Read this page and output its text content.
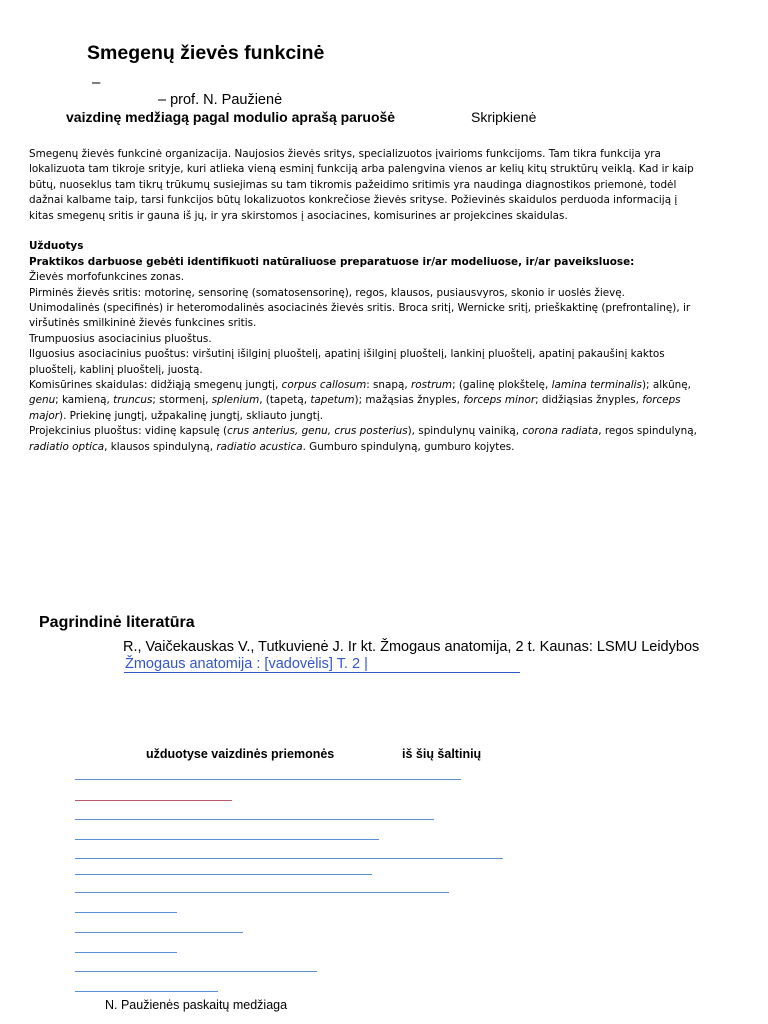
Smegenų žievės funkcinė
–
– prof. N. Paužienė
vaizdinę medžiagą pagal modulio aprašą paruošė	Skripkienė
Smegenų žievės funkcinė organizacija. Naujosios žievės sritys, specializuotos įvairioms funkcijoms. Tam tikra funkcija yra
lokalizuota tam tikroje srityje, kuri atlieka vieną esminį funkciją arba palengvina vienos ar kelių kitų struktūrų veiklą. Kad ir kaip
būtų, nuoseklus tam tikrų trūkumų susiejimas su tam tikromis pažeidimo sritimis yra naudinga diagnostikos priemonė, todėl
dažnai kalbame taip, tarsi funkcijos būtų lokalizuotos konkrečiose žievės srityse. Požievinės skaidulos perduoda informaciją į
kitas smegenų sritis ir gauna iš jų, ir yra skirstomos į asociacines, komisurines ar projekcines skaidulas.
Užduotys
Praktikos darbuose gebėti identifikuoti natūraliuose preparatuose ir/ar modeliuose, ir/ar paveiksluose:
Žievės morfofunkcines zonas.
Pirminės žievės sritis: motorinę, sensorinę (somatosensorinę), regos, klausos, pusiausvyros, skonio ir uoslės žievę.
Unimodalinės (specifinės) ir heteromodalinės asociacinės žievės sritis. Broca sritį, Wernicke sritį, prieškaktinę (prefrontalinę), ir
viršutinės smilkininė žievės funkcines sritis.
Trumpuosius asociacinius pluoštus.
Ilguosius asociacinius puoštus: viršutinį išilginį pluoštelį, apatinį išilginį pluoštelį, lankinį pluoštelį, apatinį pakaušinį kaktos
pluoštelį, kablinį pluoštelį, juostą.
Komisūrines skaidulas: didžiąją smegenų jungtį, corpus callosum: snapą, rostrum; (galinę plokštelę, lamina terminalis); alkūnę,
genu; kamieną, truncus; stormenį, splenium, (tapetą, tapetum); mažąsias žnyples, forceps minor; didžiąsias žnyples, forceps
major). Priekinę jungtį, užpakalinę jungtį, skliauto jungtį.
Projekcinius pluoštus: vidinę kapsulę (crus anterius, genu, crus posterius), spindulynų vainiką, corona radiata, regos spindulyną,
radiatio optica, klausos spindulyną, radiatio acustica. Gumburo spindulyną, gumburo kojytes.
Pagrindinė literatūra
R., Vaičekauskas V., Tutkuvienė J. Ir kt. Žmogaus anatomija, 2 t. Kaunas: LSMU Leidybos
Žmogaus anatomija : [vadovėlis] T. 2 |
užduotyse vaizdinės priemonės	iš šių šaltinių
N. Paužienės paskaitų medžiaga
